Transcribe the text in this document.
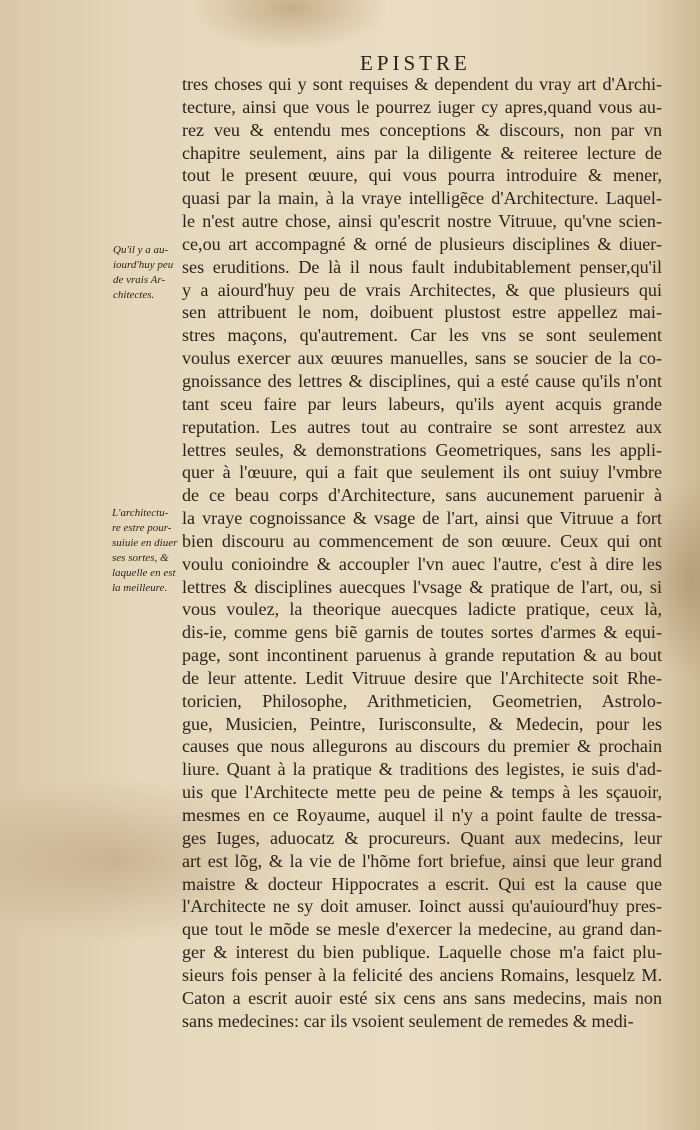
EPISTRE
Qu'il y a au-
iourd'huy peu
de vrais Ar-
chitectes.
L'architectu-
re estre pour-
suiuie en diuer
ses sortes, &
laquelle en est
la meilleure.
tres choses qui y sont requises & dependent du vray art d'Archi-
tecture, ainsi que vous le pourrez iuger cy apres,quand vous au-
rez veu & entendu mes conceptions & discours, non par vn
chapitre seulement, ains par la diligente & reiteree lecture de
tout le present œuure, qui vous pourra introduire & mener,
quasi par la main, à la vraye intelligẽce d'Architecture. Laquel-
le n'est autre chose, ainsi qu'escrit nostre Vitruue, qu'vne scien-
ce,ou art accompagné & orné de plusieurs disciplines & diuer-
ses eruditions. De là il nous fault indubitablement penser,qu'il
y a aiourd'huy peu de vrais Architectes, & que plusieurs qui
sen attribuent le nom, doibuent plustost estre appellez mai-
stres maçons, qu'autrement. Car les vns se sont seulement
voulus exercer aux œuures manuelles, sans se soucier de la co-
gnoissance des lettres & disciplines, qui a esté cause qu'ils n'ont
tant sceu faire par leurs labeurs, qu'ils ayent acquis grande
reputation. Les autres tout au contraire se sont arrestez aux
lettres seules, & demonstrations Geometriques, sans les appli-
quer à l'œuure, qui a fait que seulement ils ont suiuy l'vmbre
de ce beau corps d'Architecture, sans aucunement paruenir à
la vraye cognoissance & vsage de l'art, ainsi que Vitruue a fort
bien discouru au commencement de son œuure. Ceux qui ont
voulu conioindre & accoupler l'vn auec l'autre, c'est à dire les
lettres & disciplines auecques l'vsage & pratique de l'art, ou, si
vous voulez, la theorique auecques ladicte pratique, ceux là,
dis-ie, comme gens biẽ garnis de toutes sortes d'armes & equi-
page, sont incontinent paruenus à grande reputation & au bout
de leur attente. Ledit Vitruue desire que l'Architecte soit Rhe-
toricien, Philosophe, Arithmeticien, Geometrien, Astrolo-
gue, Musicien, Peintre, Iurisconsulte, & Medecin, pour les
causes que nous allegurons au discours du premier & prochain
liure. Quant à la pratique & traditions des legistes, ie suis d'ad-
uis que l'Architecte mette peu de peine & temps à les sçauoir,
mesmes en ce Royaume, auquel il n'y a point faulte de tressa-
ges Iuges, aduocatz & procureurs. Quant aux medecins, leur
art est lõg, & la vie de l'hõme fort briefue, ainsi que leur grand
maistre & docteur Hippocrates a escrit. Qui est la cause que
l'Architecte ne sy doit amuser. Ioinct aussi qu'auiourd'huy pres-
que tout le mõde se mesle d'exercer la medecine, au grand dan-
ger & interest du bien publique. Laquelle chose m'a faict plu-
sieurs fois penser à la felicité des anciens Romains, lesquelz M.
Caton a escrit auoir esté six cens ans sans medecins, mais non
sans medecines: car ils vsoient seulement de remedes & medi-
